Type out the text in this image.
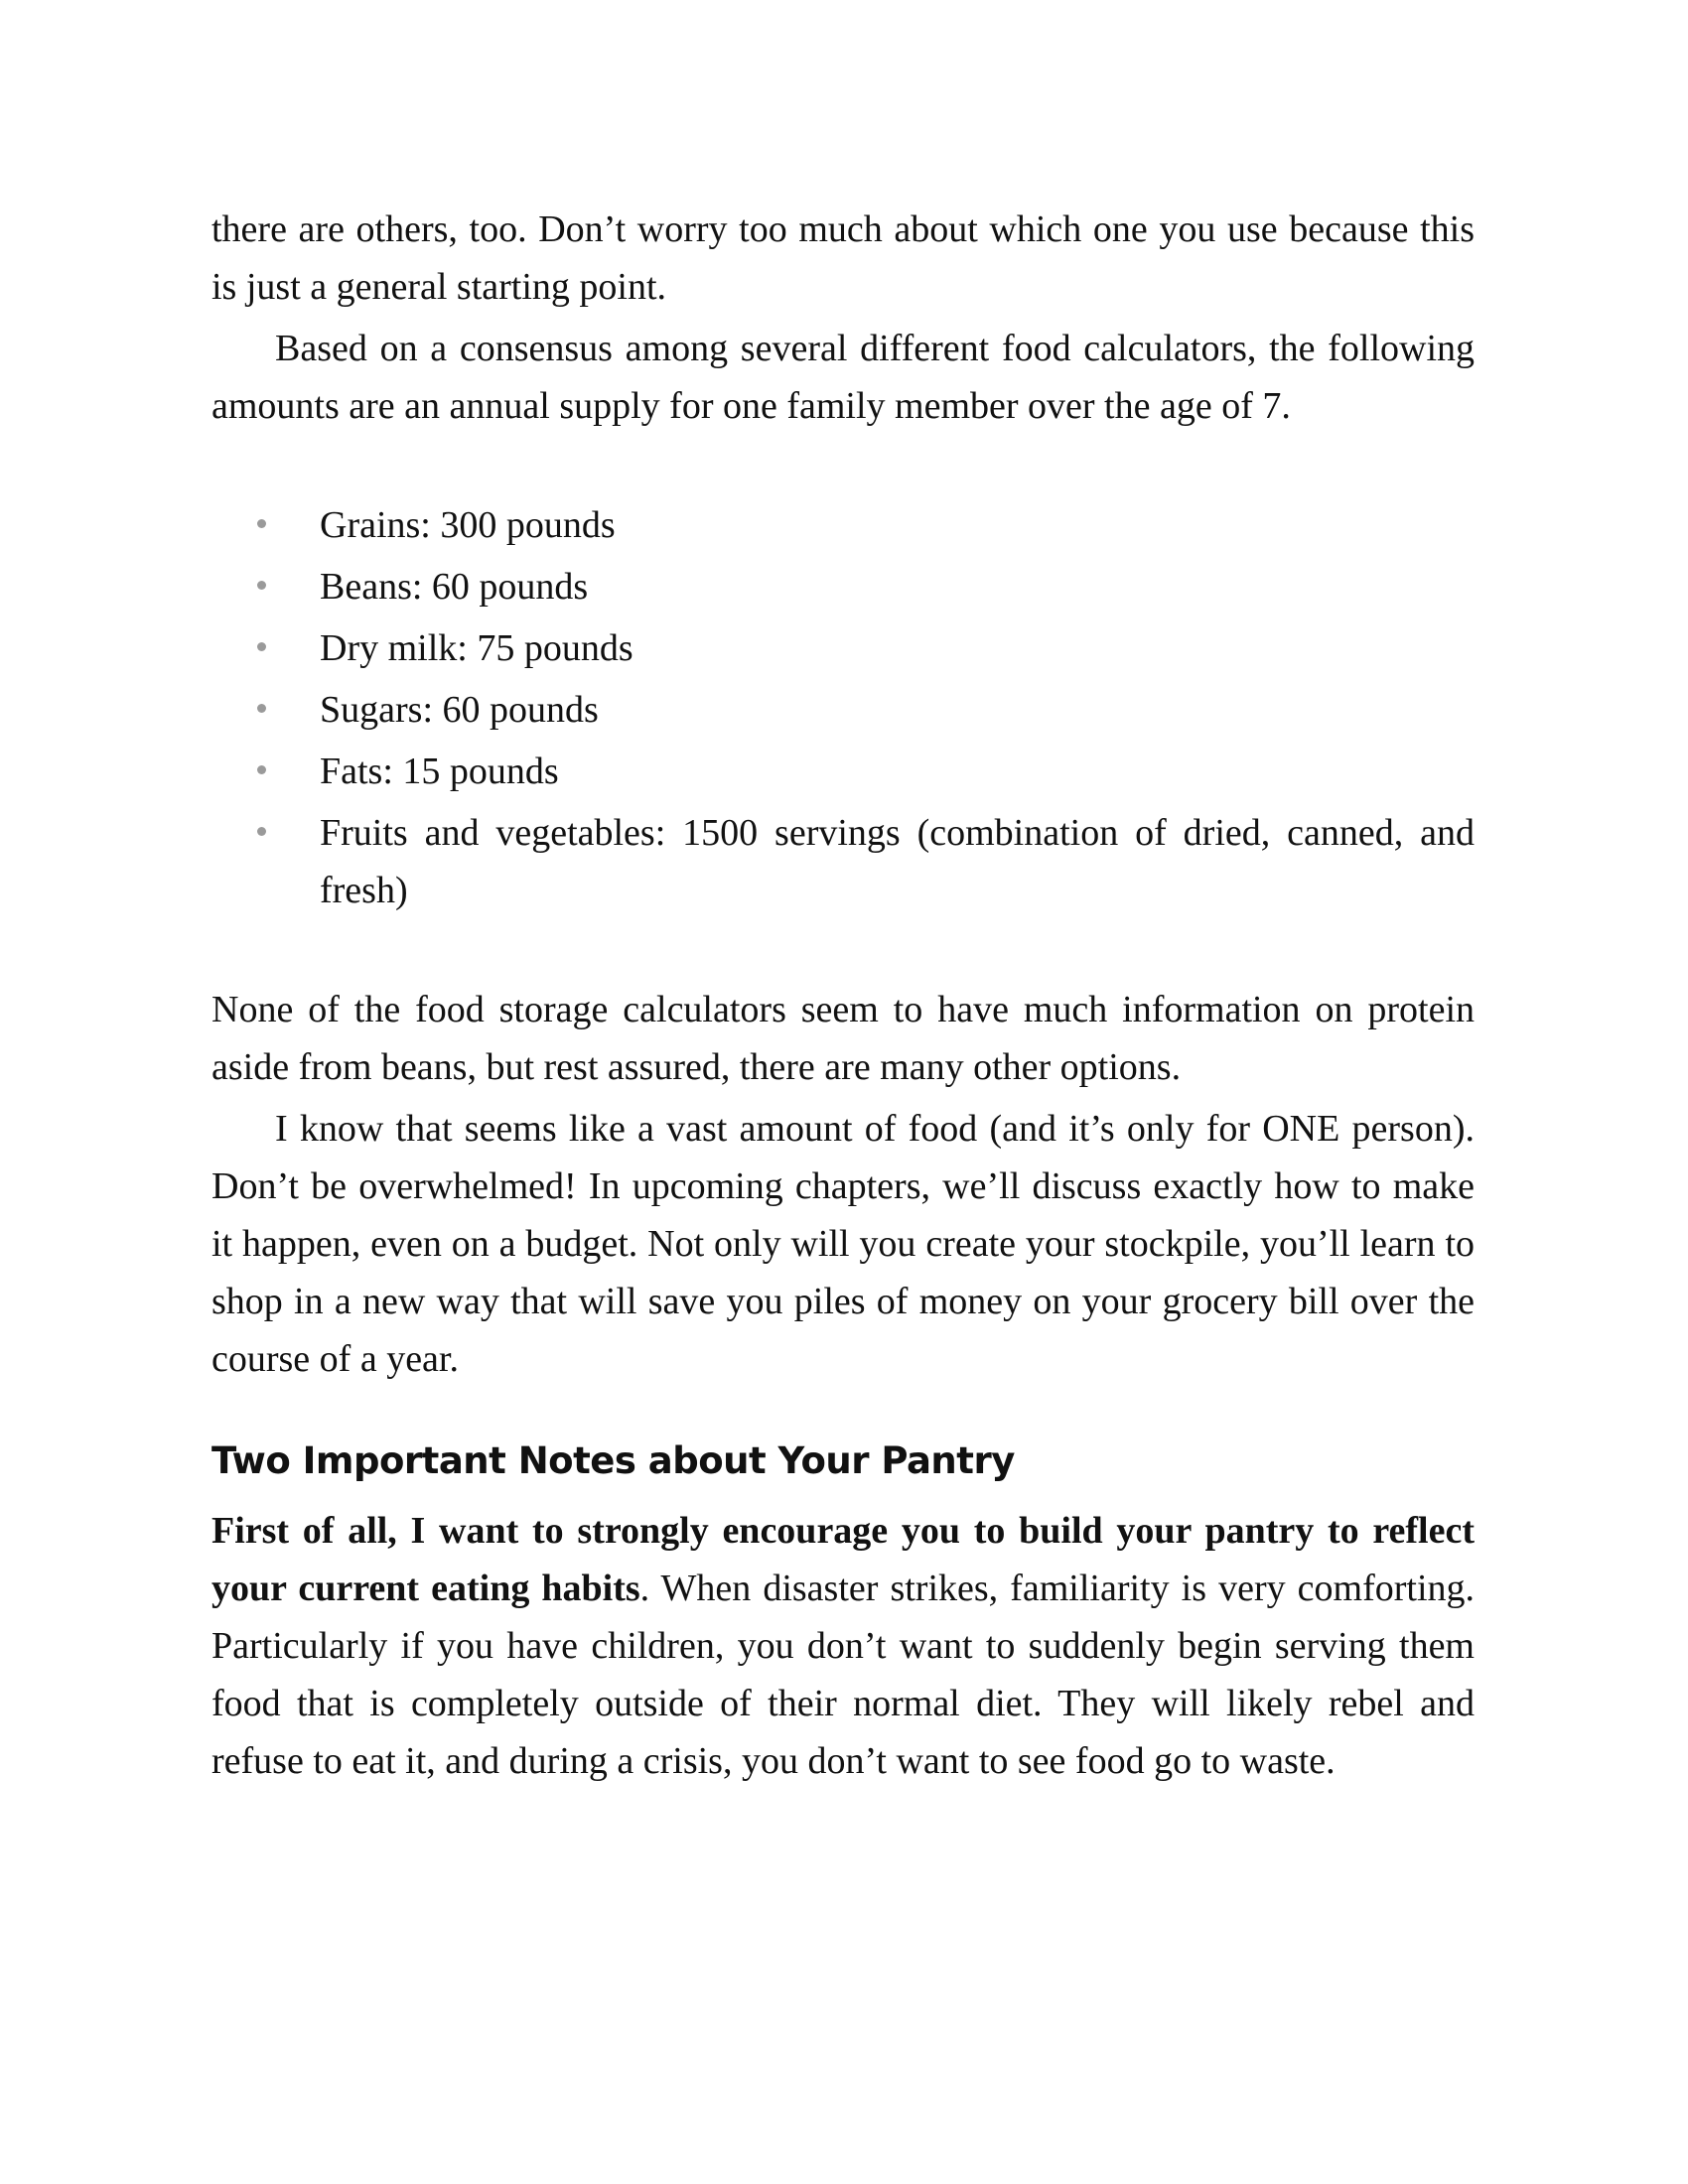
there are others, too. Don’t worry too much about which one you use because this is just a general starting point.

Based on a consensus among several different food calculators, the following amounts are an annual supply for one family member over the age of 7.

Grains: 300 pounds
Beans: 60 pounds
Dry milk: 75 pounds
Sugars: 60 pounds
Fats: 15 pounds
Fruits and vegetables: 1500 servings (combination of dried, canned, and fresh)

None of the food storage calculators seem to have much information on protein aside from beans, but rest assured, there are many other options.

I know that seems like a vast amount of food (and it’s only for ONE person). Don’t be overwhelmed! In upcoming chapters, we’ll discuss exactly how to make it happen, even on a budget. Not only will you create your stockpile, you’ll learn to shop in a new way that will save you piles of money on your grocery bill over the course of a year.

Two Important Notes about Your Pantry

First of all, I want to strongly encourage you to build your pantry to reflect your current eating habits. When disaster strikes, familiarity is very comforting. Particularly if you have children, you don’t want to suddenly begin serving them food that is completely outside of their normal diet. They will likely rebel and refuse to eat it, and during a crisis, you don’t want to see food go to waste.
